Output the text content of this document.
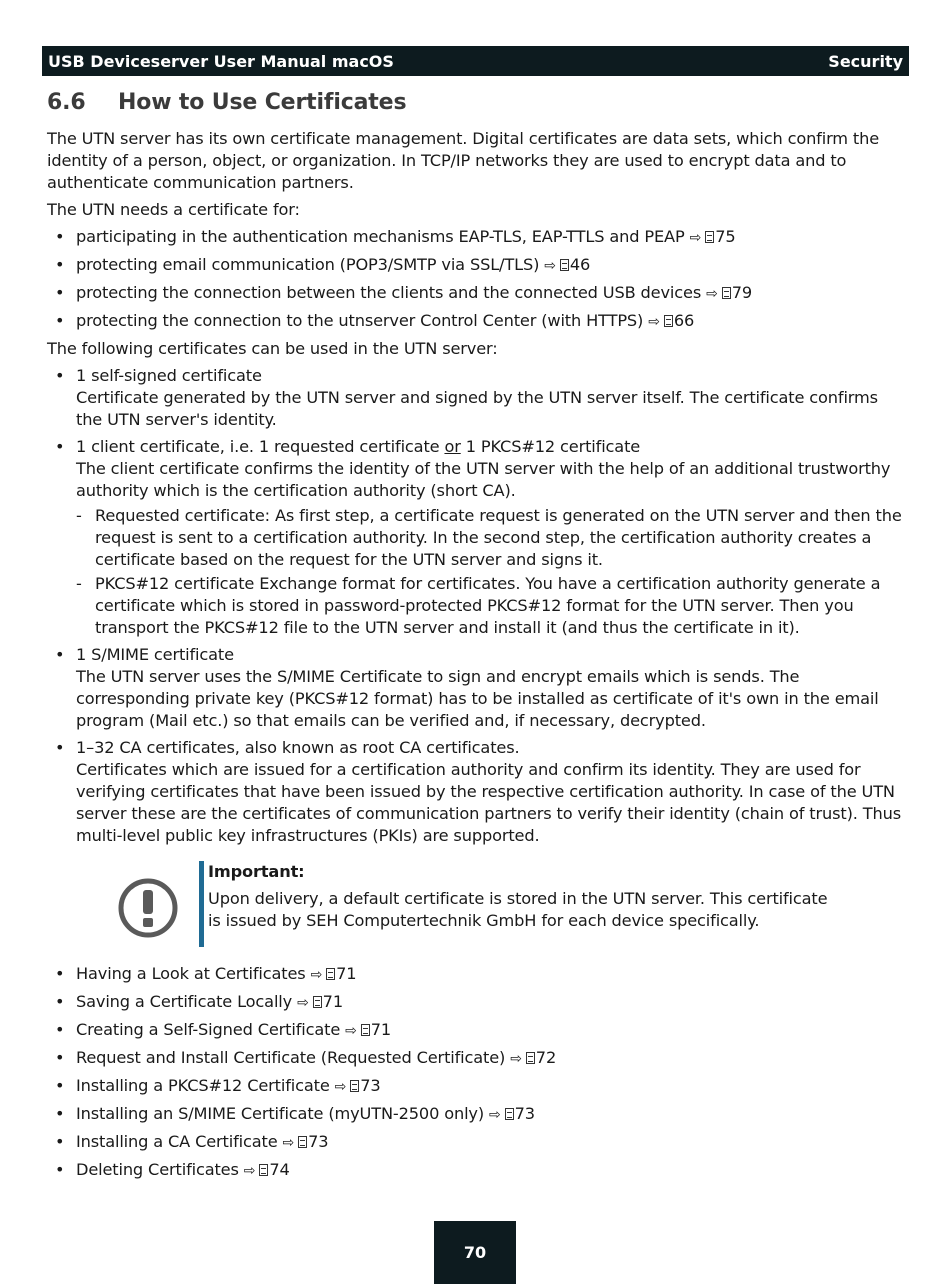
USB Deviceserver User Manual macOS	Security
6.6 How to Use Certificates

The UTN server has its own certificate management. Digital certificates are data sets, which confirm the identity of a person, object, or organization. In TCP/IP networks they are used to encrypt data and to authenticate communication partners.

The UTN needs a certificate for:

• participating in the authentication mechanisms EAP-TLS, EAP-TTLS and PEAP ⇨ 75
• protecting email communication (POP3/SMTP via SSL/TLS) ⇨ 46
• protecting the connection between the clients and the connected USB devices ⇨ 79
• protecting the connection to the utnserver Control Center (with HTTPS) ⇨ 66

The following certificates can be used in the UTN server:

• 1 self-signed certificate
Certificate generated by the UTN server and signed by the UTN server itself. The certificate confirms the UTN server's identity.
• 1 client certificate, i.e. 1 requested certificate or 1 PKCS#12 certificate
The client certificate confirms the identity of the UTN server with the help of an additional trustworthy authority which is the certification authority (short CA).
- Requested certificate: As first step, a certificate request is generated on the UTN server and then the request is sent to a certification authority. In the second step, the certification authority creates a certificate based on the request for the UTN server and signs it.
- PKCS#12 certificate Exchange format for certificates. You have a certification authority generate a certificate which is stored in password-protected PKCS#12 format for the UTN server. Then you transport the PKCS#12 file to the UTN server and install it (and thus the certificate in it).
• 1 S/MIME certificate
The UTN server uses the S/MIME Certificate to sign and encrypt emails which is sends. The corresponding private key (PKCS#12 format) has to be installed as certificate of it's own in the email program (Mail etc.) so that emails can be verified and, if necessary, decrypted.
• 1–32 CA certificates, also known as root CA certificates.
Certificates which are issued for a certification authority and confirm its identity. They are used for verifying certificates that have been issued by the respective certification authority. In case of the UTN server these are the certificates of communication partners to verify their identity (chain of trust). Thus multi-level public key infrastructures (PKIs) are supported.
Important:
Upon delivery, a default certificate is stored in the UTN server. This certificate is issued by SEH Computertechnik GmbH for each device specifically.
• Having a Look at Certificates ⇨ 71
• Saving a Certificate Locally ⇨ 71
• Creating a Self-Signed Certificate ⇨ 71
• Request and Install Certificate (Requested Certificate) ⇨ 72
• Installing a PKCS#12 Certificate ⇨ 73
• Installing an S/MIME Certificate (myUTN-2500 only) ⇨ 73
• Installing a CA Certificate ⇨ 73
• Deleting Certificates ⇨ 74
70
